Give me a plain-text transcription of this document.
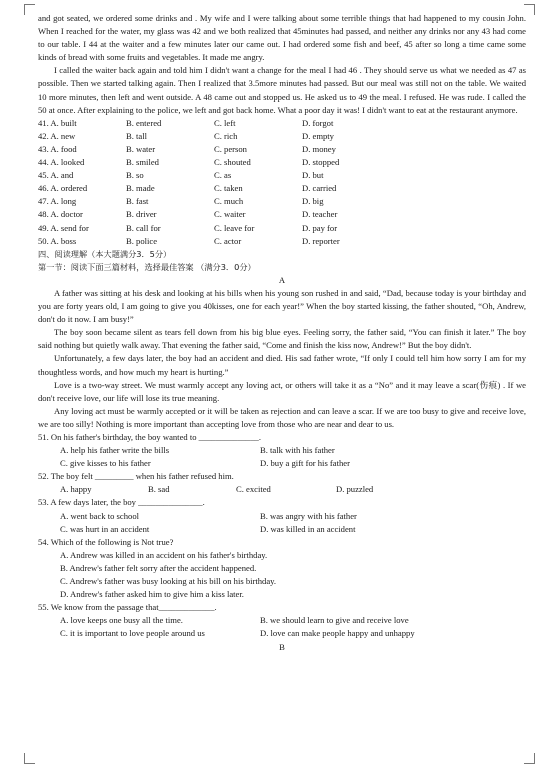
and got seated, we ordered some drinks and . My wife and I were talking about some terrible things that had happened to my cousin John. When I reached for the water, my glass was 42 and we both realized that 45minutes had passed, and neither any drinks nor any 43 had come to our table. I 44 at the waiter and a few minutes later our came out. I had ordered some fish and beef, 45 after so long a time came some kinds of bread with some fruits and vegetables. It made me angry.

I called the waiter back again and told him I didn't want a change for the meal I had 46 . They should serve us what we needed as 47 as possible. Then we started talking again. Then I realized that 3.5more minutes had passed. But our meal was still not on the table. We waited 10 more minutes, then left and went outside. A 48 came out and stopped us. He asked us to 49 the meal. I refused. He was rude. I called the 50 at once. After explaining to the police, we left and got back home. What a poor day it was! I didn't want to eat at the restaurant anymore.

41. A. built	B. entered	C. left	D. forgot
42. A. new	B. tall	C. rich	D. empty
43. A. food	B. water	C. person	D. money
44. A. looked	B. smiled	C. shouted	D. stopped
45. A. and	B. so	C. as	D. but
46. A. ordered	B. made	C. taken	D. carried
47. A. long	B. fast	C. much	D. big
48. A. doctor	B. driver	C. waiter	D. teacher
49. A. send for	B. call for	C. leave for	D. pay for
50. A. boss	B. police	C. actor	D. reporter

四、阅读理解（本大题满分3．5分）

第一节：阅读下面三篇材料，选择最佳答案 （满分3．0分）

A

A father was sitting at his desk and looking at his bills when his young son rushed in and said, “Dad, because today is your birthday and you are forty years old, I am going to give you 40kisses, one for each year!” When the boy started kissing, the father shouted, “Oh, Andrew, don't do it now. I am busy!”

The boy soon became silent as tears fell down from his big blue eyes. Feeling sorry, the father said, “You can finish it later.” The boy said nothing but quietly walk away. That evening the father said, “Come and finish the kiss now, Andrew!” But the boy didn't.

Unfortunately, a few days later, the boy had an accident and died. His sad father wrote, “If only I could tell him how sorry I am for my thoughtless words, and how much my heart is hurting.”

Love is a two-way street. We must warmly accept any loving act, or others will take it as a “No” and it may leave a scar(伤痕) . If we don't receive love, our life will lose its true meaning.

Any loving act must be warmly accepted or it will be taken as rejection and can leave a scar. If we are too busy to give and receive love, we are too silly! Nothing is more important than accepting love from those who are near and dear to us.

51. On his father's birthday, the boy wanted to ______________.

A. help his father write the bills	B. talk with his father
C. give kisses to his father	D. buy a gift for his father

52. The boy felt _________ when his father refused him.

A. happy	B. sad	C. excited	D. puzzled

53. A few days later, the boy _______________.

A. went back to school	B. was angry with his father
C. was hurt in an accident	D. was killed in an accident

54. Which of the following is Not true?

A. Andrew was killed in an accident on his father's birthday.
B. Andrew's father felt sorry after the accident happened.
C. Andrew's father was busy looking at his bill on his birthday.
D. Andrew's father asked him to give him a kiss later.

55. We know from the passage that_____________.

A. love keeps one busy all the time.	B. we should learn to give and receive love
C. it is important to love people around us	D. love can make people happy and unhappy

B
